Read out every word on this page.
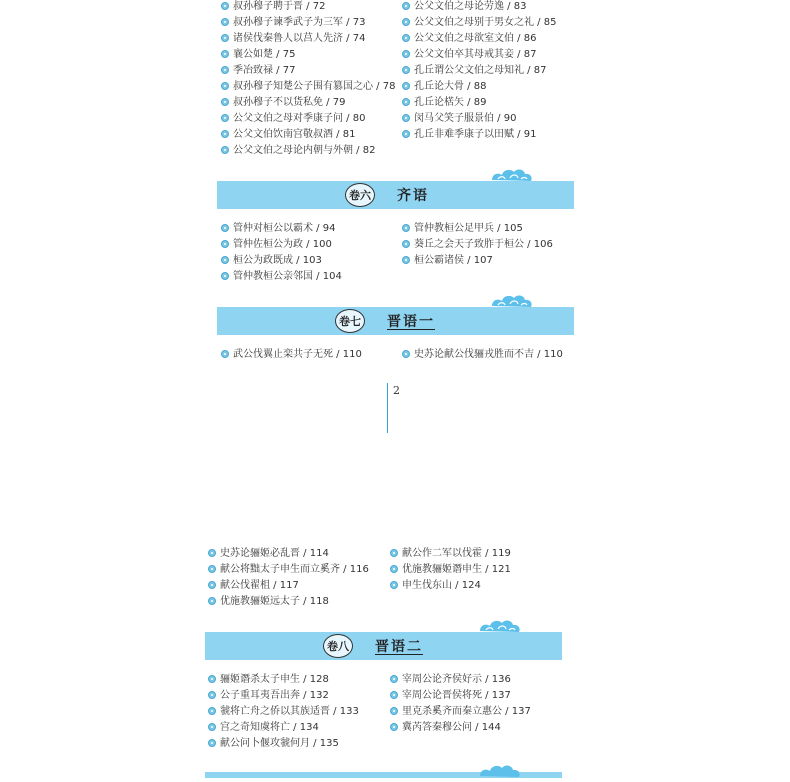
卷六 齐语
卷七 晋语一
2
卷八 晋语二
叔孙穆子聘于晋 / 72
叔孙穆子谏季武子为三军 / 73
诸侯伐秦鲁人以莒人先济 / 74
襄公如楚 / 75
季冶致禄 / 77
叔孙穆子知楚公子围有篡国之心 / 78
叔孙穆子不以货私免 / 79
公父文伯之母对季康子问 / 80
公父文伯饮南宫敬叔酒 / 81
公父文伯之母论内朝与外朝 / 82
公父文伯之母论劳逸 / 83
公父文伯之母别于男女之礼 / 85
公父文伯之母欲室文伯 / 86
公父文伯卒其母戒其妾 / 87
孔丘谓公父文伯之母知礼 / 87
孔丘论大骨 / 88
孔丘论楛矢 / 89
闵马父笑子服景伯 / 90
孔丘非难季康子以田赋 / 91
管仲对桓公以霸术 / 94
管仲佐桓公为政 / 100
桓公为政既成 / 103
管仲教桓公亲邻国 / 104
管仲教桓公足甲兵 / 105
葵丘之会天子致胙于桓公 / 106
桓公霸诸侯 / 107
武公伐翼止栾共子无死 / 110	史苏论献公伐骊戎胜而不吉 / 110
史苏论骊姬必乱晋 / 114
献公将黜太子申生而立奚齐 / 116
献公伐翟柤 / 117
优施教骊姬远太子 / 118
献公作二军以伐霍 / 119
优施教骊姬谮申生 / 121
申生伐东山 / 124
骊姬谮杀太子申生 / 128
公子重耳夷吾出奔 / 132
虢将亡舟之侨以其族适晋 / 133
宫之奇知虞将亡 / 134
献公问卜偃攻虢何月 / 135
宰周公论齐侯好示 / 136
宰周公论晋侯将死 / 137
里克杀奚齐而秦立惠公 / 137
冀芮答秦穆公问 / 144
